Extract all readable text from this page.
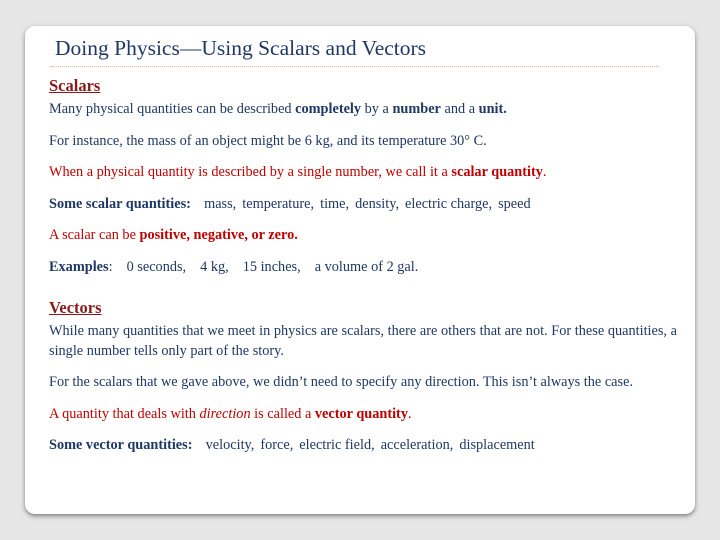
Doing Physics—Using Scalars and Vectors
Scalars
Many physical quantities can be described completely by a number and a unit.
For instance, the mass of an object might be 6 kg, and its temperature 30° C.
When a physical quantity is described by a single number, we call it a scalar quantity.
Some scalar quantities: mass, temperature, time, density, electric charge, speed
A scalar can be positive, negative, or zero.
Examples: 0 seconds, 4 kg, 15 inches, a volume of 2 gal.
Vectors
While many quantities that we meet in physics are scalars, there are others that are not. For these quantities, a single number tells only part of the story.
For the scalars that we gave above, we didn’t need to specify any direction. This isn’t always the case.
A quantity that deals with direction is called a vector quantity.
Some vector quantities: velocity, force, electric field, acceleration, displacement
